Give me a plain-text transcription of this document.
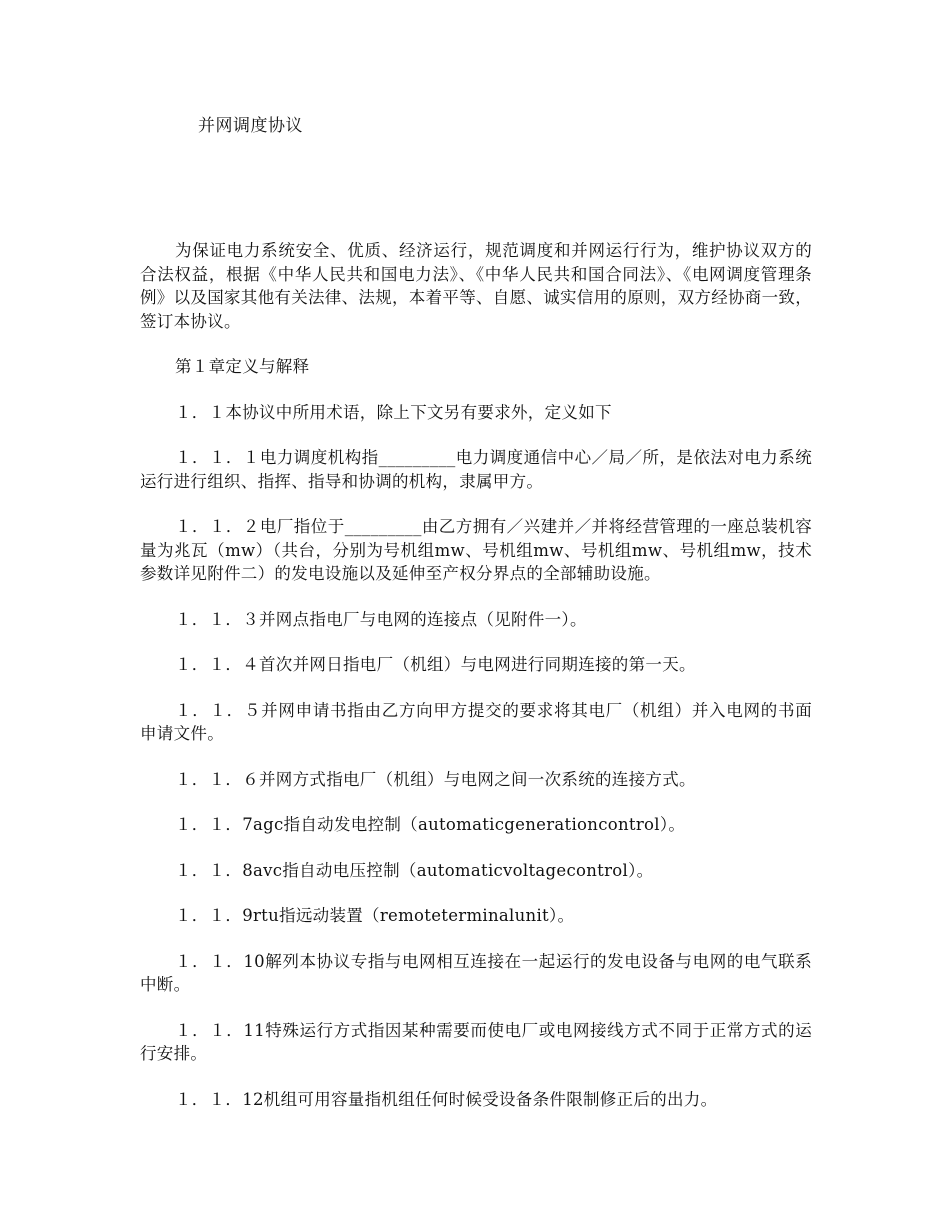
并网调度协议

为保证电力系统安全、优质、经济运行，规范调度和并网运行行为，维护协议双方的合法权益，根据《中华人民共和国电力法》、《中华人民共和国合同法》、《电网调度管理条例》以及国家其他有关法律、法规，本着平等、自愿、诚实信用的原则，双方经协商一致，签订本协议。

第１章定义与解释

１．１本协议中所用术语，除上下文另有要求外，定义如下

１．１．１电力调度机构指_________电力调度通信中心／局／所，是依法对电力系统运行进行组织、指挥、指导和协调的机构，隶属甲方。

１．１．２电厂指位于_________由乙方拥有／兴建并／并将经营管理的一座总装机容量为兆瓦（mw）（共台，分别为号机组mw、号机组mw、号机组mw、号机组mw，技术参数详见附件二）的发电设施以及延伸至产权分界点的全部辅助设施。

１．１．３并网点指电厂与电网的连接点（见附件一）。

１．１．４首次并网日指电厂（机组）与电网进行同期连接的第一天。

１．１．５并网申请书指由乙方向甲方提交的要求将其电厂（机组）并入电网的书面申请文件。

１．１．６并网方式指电厂（机组）与电网之间一次系统的连接方式。

１．１．7agc指自动发电控制（automaticgenerationcontrol）。

１．１．8avc指自动电压控制（automaticvoltagecontrol）。

１．１．9rtu指远动装置（remoteterminalunit）。

１．１．10解列本协议专指与电网相互连接在一起运行的发电设备与电网的电气联系中断。

１．１．11特殊运行方式指因某种需要而使电厂或电网接线方式不同于正常方式的运行安排。

１．１．12机组可用容量指机组任何时候受设备条件限制修正后的出力。
